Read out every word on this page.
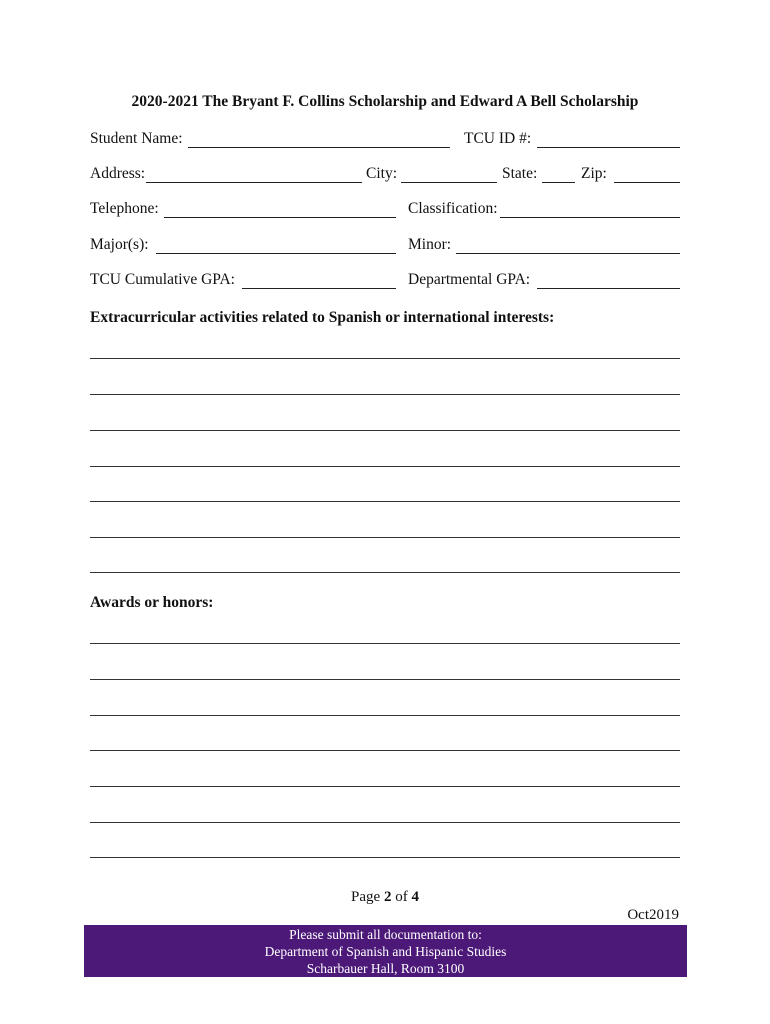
2020-2021 The Bryant F. Collins Scholarship and Edward A Bell Scholarship
Student Name:	TCU ID #:
Address:	City:	State:	Zip:
Telephone:	Classification:
Major(s):	Minor:
TCU Cumulative GPA:	Departmental GPA:
Extracurricular activities related to Spanish or international interests:
Awards or honors:
Page 2 of 4
Oct2019
Please submit all documentation to:
Department of Spanish and Hispanic Studies
Scharbauer Hall, Room 3100
